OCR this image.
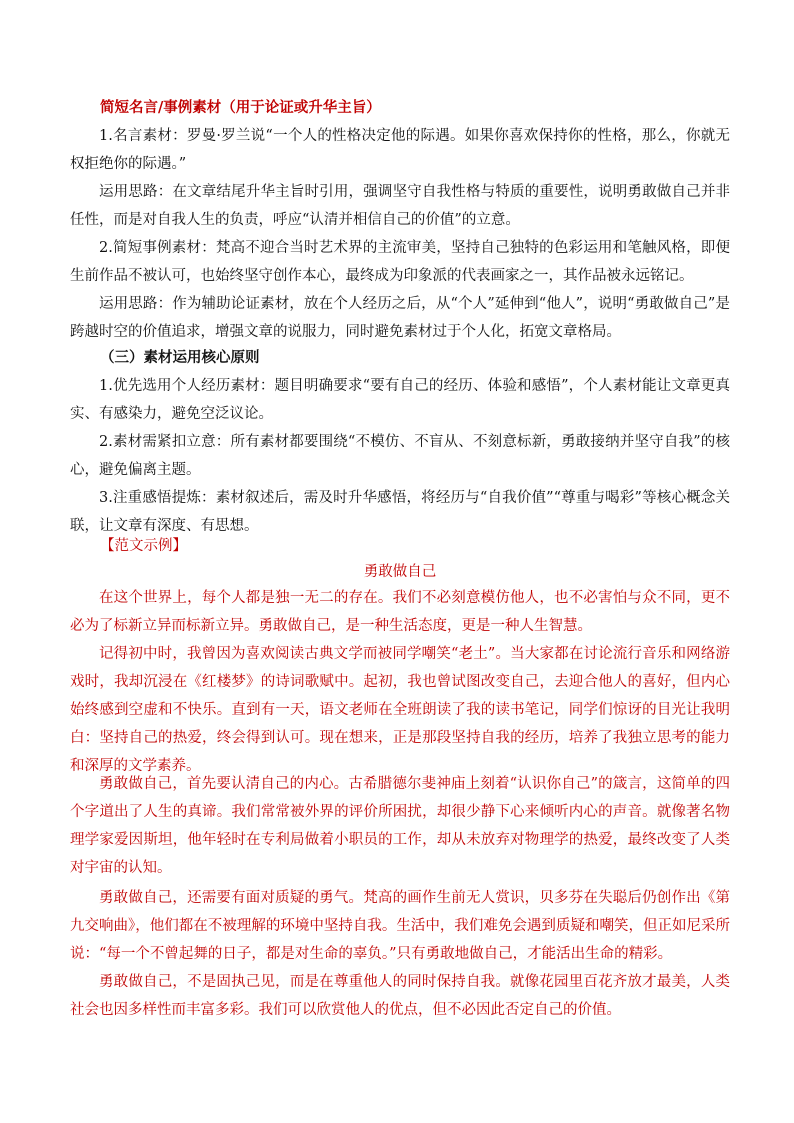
简短名言/事例素材（用于论证或升华主旨）

1.名言素材：罗曼·罗兰说“一个人的性格决定他的际遇。如果你喜欢保持你的性格，那么，你就无权拒绝你的际遇。”

运用思路：在文章结尾升华主旨时引用，强调坚守自我性格与特质的重要性，说明勇敢做自己并非任性，而是对自我人生的负责，呼应“认清并相信自己的价值”的立意。

2.简短事例素材：梵高不迎合当时艺术界的主流审美，坚持自己独特的色彩运用和笔触风格，即便生前作品不被认可，也始终坚守创作本心，最终成为印象派的代表画家之一，其作品被永远铭记。

运用思路：作为辅助论证素材，放在个人经历之后，从“个人”延伸到“他人”，说明“勇敢做自己”是跨越时空的价值追求，增强文章的说服力，同时避免素材过于个人化，拓宽文章格局。

（三）素材运用核心原则

1.优先选用个人经历素材：题目明确要求“要有自己的经历、体验和感悟”，个人素材能让文章更真实、有感染力，避免空泛议论。

2.素材需紧扣立意：所有素材都要围绕“不模仿、不盲从、不刻意标新，勇敢接纳并坚守自我”的核心，避免偏离主题。

3.注重感悟提炼：素材叙述后，需及时升华感悟，将经历与“自我价值”“尊重与喝彩”等核心概念关联，让文章有深度、有思想。

【范文示例】

勇敢做自己

在这个世界上，每个人都是独一无二的存在。我们不必刻意模仿他人，也不必害怕与众不同，更不必为了标新立异而标新立异。勇敢做自己，是一种生活态度，更是一种人生智慧。

记得初中时，我曾因为喜欢阅读古典文学而被同学嘲笑“老土”。当大家都在讨论流行音乐和网络游戏时，我却沉浸在《红楼梦》的诗词歌赋中。起初，我也曾试图改变自己，去迎合他人的喜好，但内心始终感到空虚和不快乐。直到有一天，语文老师在全班朗读了我的读书笔记，同学们惊讶的目光让我明白：坚持自己的热爱，终会得到认可。现在想来，正是那段坚持自我的经历，培养了我独立思考的能力和深厚的文学素养。

勇敢做自己，首先要认清自己的内心。古希腊德尔斐神庙上刻着“认识你自己”的箴言，这简单的四个字道出了人生的真谛。我们常常被外界的评价所困扰，却很少静下心来倾听内心的声音。就像著名物理学家爱因斯坦，他年轻时在专利局做着小职员的工作，却从未放弃对物理学的热爱，最终改变了人类对宇宙的认知。

勇敢做自己，还需要有面对质疑的勇气。梵高的画作生前无人赏识，贝多芬在失聪后仍创作出《第九交响曲》，他们都在不被理解的环境中坚持自我。生活中，我们难免会遇到质疑和嘲笑，但正如尼采所说：“每一个不曾起舞的日子，都是对生命的辜负。”只有勇敢地做自己，才能活出生命的精彩。

勇敢做自己，不是固执己见，而是在尊重他人的同时保持自我。就像花园里百花齐放才最美，人类社会也因多样性而丰富多彩。我们可以欣赏他人的优点，但不必因此否定自己的价值。
